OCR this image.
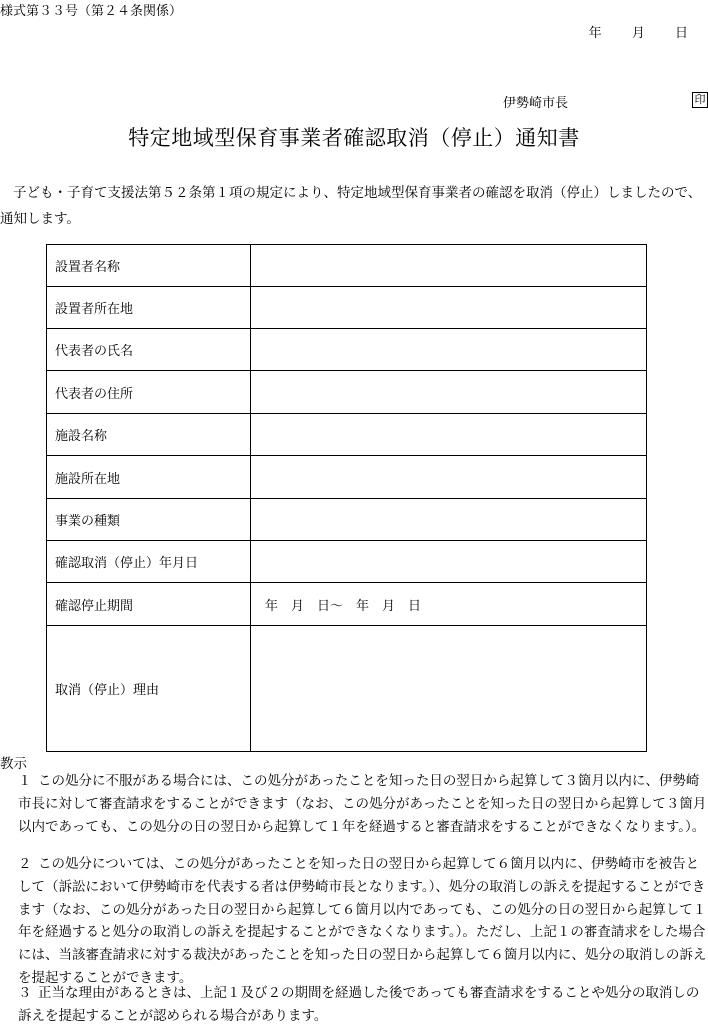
様式第３３号（第２４条関係）
年 月 日
伊勢崎市長	印
特定地域型保育事業者確認取消（停止）通知書
子ども・子育て支援法第５２条第１項の規定により、特定地域型保育事業者の確認を取消（停止）しましたので、通知します。
設置者名称	
設置者所在地	
代表者の氏名	
代表者の住所	
施設名称	
施設所在地	
事業の種類	
確認取消（停止）年月日	
確認停止期間	年　月　日～　年　月　日
取消（停止）理由	
教示
１ この処分に不服がある場合には、この処分があったことを知った日の翌日から起算して３箇月以内に、伊勢崎市長に対して審査請求をすることができます（なお、この処分があったことを知った日の翌日から起算して３箇月以内であっても、この処分の日の翌日から起算して１年を経過すると審査請求をすることができなくなります。）。
２ この処分については、この処分があったことを知った日の翌日から起算して６箇月以内に、伊勢崎市を被告として（訴訟において伊勢崎市を代表する者は伊勢崎市長となります。）、処分の取消しの訴えを提起することができます（なお、この処分があった日の翌日から起算して６箇月以内であっても、この処分の日の翌日から起算して１年を経過すると処分の取消しの訴えを提起することができなくなります。）。ただし、上記１の審査請求をした場合には、当該審査請求に対する裁決があったことを知った日の翌日から起算して６箇月以内に、処分の取消しの訴えを提起することができます。
３ 正当な理由があるときは、上記１及び２の期間を経過した後であっても審査請求をすることや処分の取消しの訴えを提起することが認められる場合があります。
